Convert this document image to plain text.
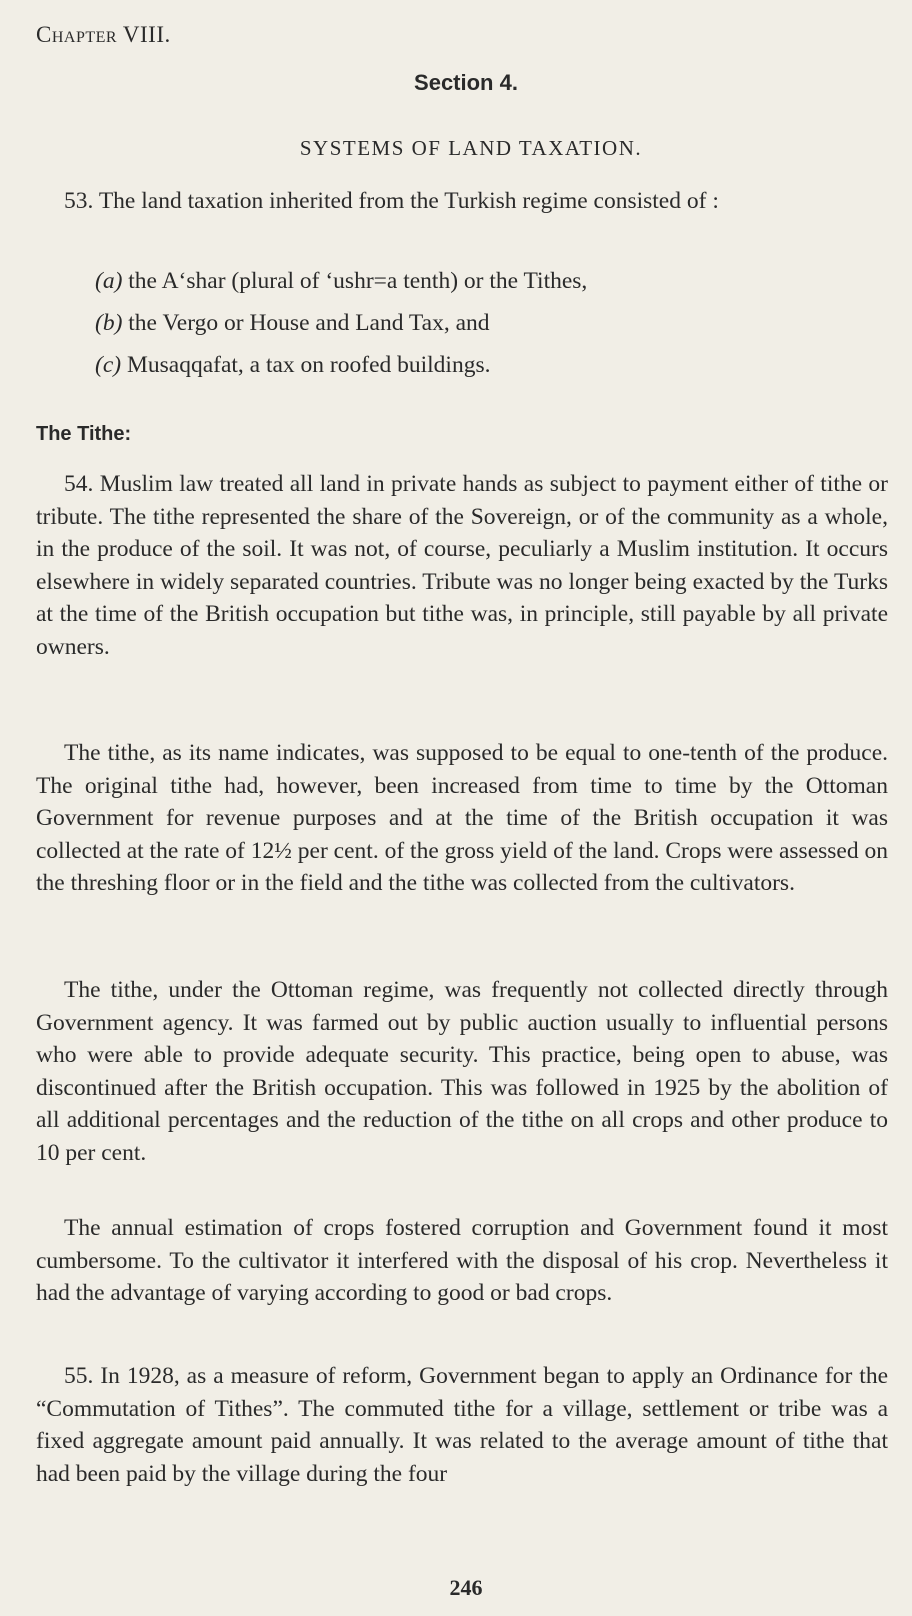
Chapter VIII.
Section 4.
SYSTEMS OF LAND TAXATION.

53. The land taxation inherited from the Turkish regime consisted of :

(a) the A‘shar (plural of ‘ushr=a tenth) or the Tithes,
(b) the Vergo or House and Land Tax, and
(c) Musaqqafat, a tax on roofed buildings.
The Tithe:

54. Muslim law treated all land in private hands as subject to payment either of tithe or tribute. The tithe represented the share of the Sovereign, or of the community as a whole, in the produce of the soil. It was not, of course, peculiarly a Muslim institution. It occurs elsewhere in widely separated countries. Tribute was no longer being exacted by the Turks at the time of the British occupation but tithe was, in principle, still payable by all private owners.

The tithe, as its name indicates, was supposed to be equal to one-tenth of the produce. The original tithe had, however, been increased from time to time by the Ottoman Government for revenue purposes and at the time of the British occupation it was collected at the rate of 12½ per cent. of the gross yield of the land. Crops were assessed on the threshing floor or in the field and the tithe was collected from the cultivators.

The tithe, under the Ottoman regime, was frequently not collected directly through Government agency. It was farmed out by public auction usually to influential persons who were able to provide adequate security. This practice, being open to abuse, was discontinued after the British occupation. This was followed in 1925 by the abolition of all additional percentages and the reduction of the tithe on all crops and other produce to 10 per cent.

The annual estimation of crops fostered corruption and Government found it most cumbersome. To the cultivator it interfered with the disposal of his crop. Nevertheless it had the advantage of varying according to good or bad crops.

55. In 1928, as a measure of reform, Government began to apply an Ordinance for the “Commutation of Tithes”. The commuted tithe for a village, settlement or tribe was a fixed aggregate amount paid annually. It was related to the average amount of tithe that had been paid by the village during the four

246
